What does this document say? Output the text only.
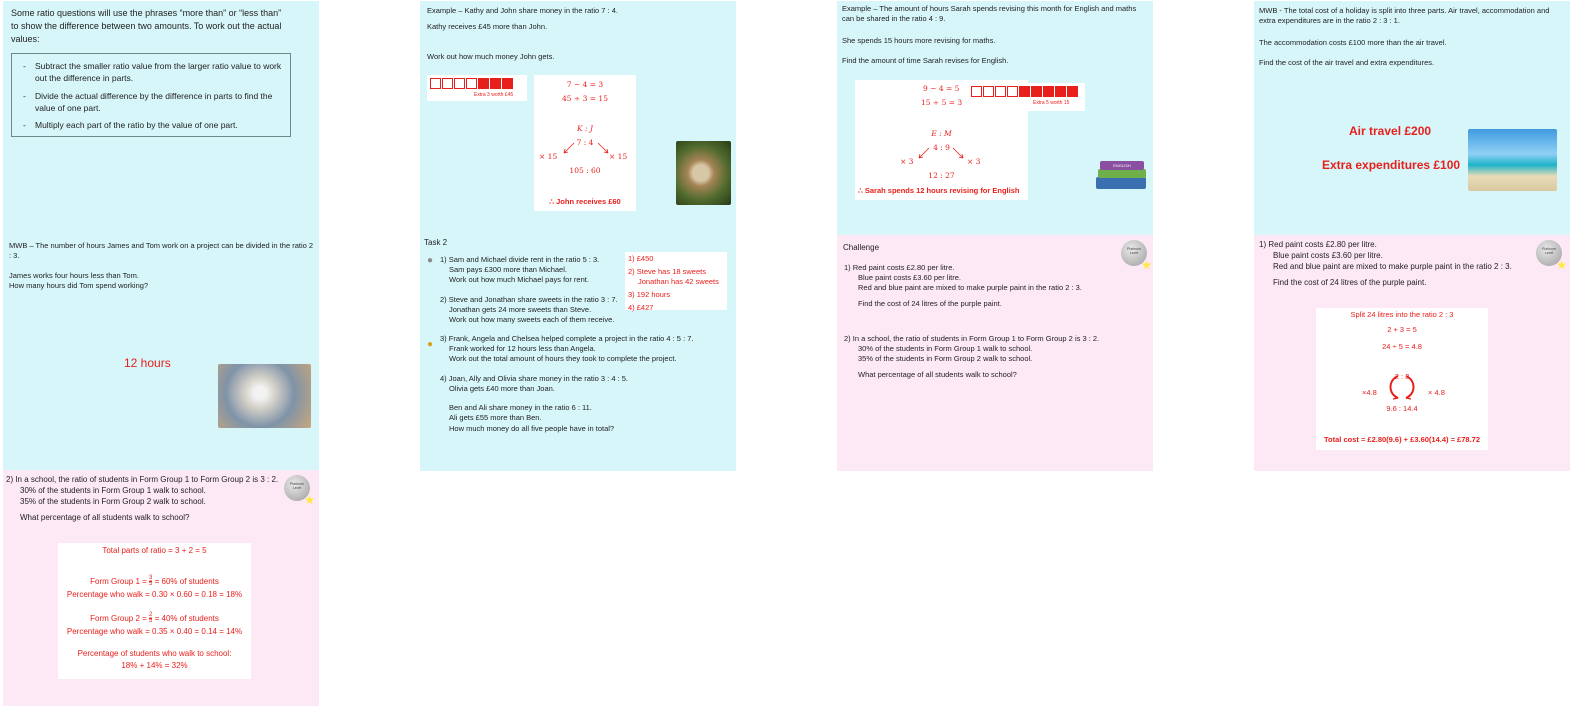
Some ratio questions will use the phrases “more than” or “less than” to show the difference between two amounts. To work out the actual values:
- Subtract the smaller ratio value from the larger ratio value to work out the difference in parts.
- Divide the actual difference by the difference in parts to find the value of one part.
- Multiply each part of the ratio by the value of one part.
Example – Kathy and John share money in the ratio 7 : 4.
Kathy receives £45 more than John.
Work out how much money John gets.
Extra 3 worth £45
7 − 4 = 3
45 ÷ 3 = 15
K : J
7 : 4
× 15	× 15
105 : 60
∴ John receives £60
Example – The amount of hours Sarah spends revising this month for English and maths can be shared in the ratio 4 : 9.
She spends 15 hours more revising for maths.
Find the amount of time Sarah revises for English.
9 − 4 = 5
15 ÷ 5 = 3
E : M
4 : 9
× 3	× 3
12 : 27
∴ Sarah spends 12 hours revising for English
Extra 5 worth 15
ENGLISH
MWB - The total cost of a holiday is split into three parts. Air travel, accommodation and extra expenditures are in the ratio 2 : 3 : 1.
The accommodation costs £100 more than the air travel.
Find the cost of the air travel and extra expenditures.
Air travel £200
Extra expenditures £100
MWB – The number of hours James and Tom work on a project can be divided in the ratio 2 : 3.
James works four hours less than Tom.
How many hours did Tom spend working?
12 hours
Task 2
● 1) Sam and Michael divide rent in the ratio 5 : 3.
Sam pays £300 more than Michael.
Work out how much Michael pays for rent.
2) Steve and Jonathan share sweets in the ratio 3 : 7.
Jonathan gets 24 more sweets than Steve.
Work out how many sweets each of them receive.
●
3) Frank, Angela and Chelsea helped complete a project in the ratio 4 : 5 : 7.
Frank worked for 12 hours less than Angela.
Work out the total amount of hours they took to complete the project.
4) Joan, Ally and Olivia share money in the ratio 3 : 4 : 5.
Olivia gets £40 more than Joan.
Ben and Ali share money in the ratio 6 : 11.
Ali gets £55 more than Ben.
How much money do all five people have in total?
1) £450
2) Steve has 18 sweets
Jonathan has 42 sweets
3) 192 hours
4) £427
Challenge	Platinum
Level
★
1) Red paint costs £2.80 per litre.
Blue paint costs £3.60 per litre.
Red and blue paint are mixed to make purple paint in the ratio 2 : 3.
Find the cost of 24 litres of the purple paint.
2) In a school, the ratio of students in Form Group 1 to Form Group 2 is 3 : 2.
30% of the students in Form Group 1 walk to school.
35% of the students in Form Group 2 walk to school.
What percentage of all students walk to school?
Platinum
Level
★
1) Red paint costs £2.80 per litre.
Blue paint costs £3.60 per litre.
Red and blue paint are mixed to make purple paint in the ratio 2 : 3.
Find the cost of 24 litres of the purple paint.
Split 24 litres into the ratio 2 : 3
2 + 3 = 5
24 ÷ 5 = 4.8
2 : 3
×4.8	× 4.8
9.6 : 14.4
Total cost = £2.80(9.6) + £3.60(14.4) = £78.72
Platinum
Level
★
2) In a school, the ratio of students in Form Group 1 to Form Group 2 is 3 : 2.
30% of the students in Form Group 1 walk to school.
35% of the students in Form Group 2 walk to school.
What percentage of all students walk to school?
Total parts of ratio = 3 + 2 = 5
Form Group $1 = \frac{3}{5} = 60\%$ of students
Percentage who walk = 0.30 × 0.60 = 0.18 = 18%
Form Group $2 = \frac{2}{5} = 40\%$ of students
Percentage who walk = 0.35 × 0.40 = 0.14 = 14%
Percentage of students who walk to school:
18% + 14% = 32%
